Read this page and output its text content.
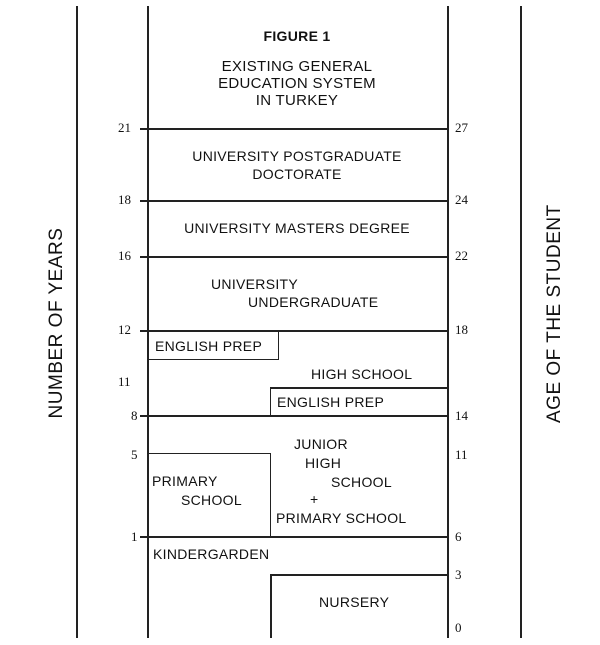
NUMBER OF YEARS	AGE OF THE STUDENT
FIGURE 1
EXISTING GENERAL
EDUCATION SYSTEM
IN TURKEY
21
18
16
12
11
8
5
1
27
24
22
18
14
11
6
3
0
UNIVERSITY POSTGRADUATE
DOCTORATE
UNIVERSITY MASTERS DEGREE
UNIVERSITY
UNDERGRADUATE
ENGLISH PREP
HIGH SCHOOL
ENGLISH PREP
PRIMARY
SCHOOL
JUNIOR
HIGH
SCHOOL
+
PRIMARY SCHOOL
KINDERGARDEN
NURSERY
